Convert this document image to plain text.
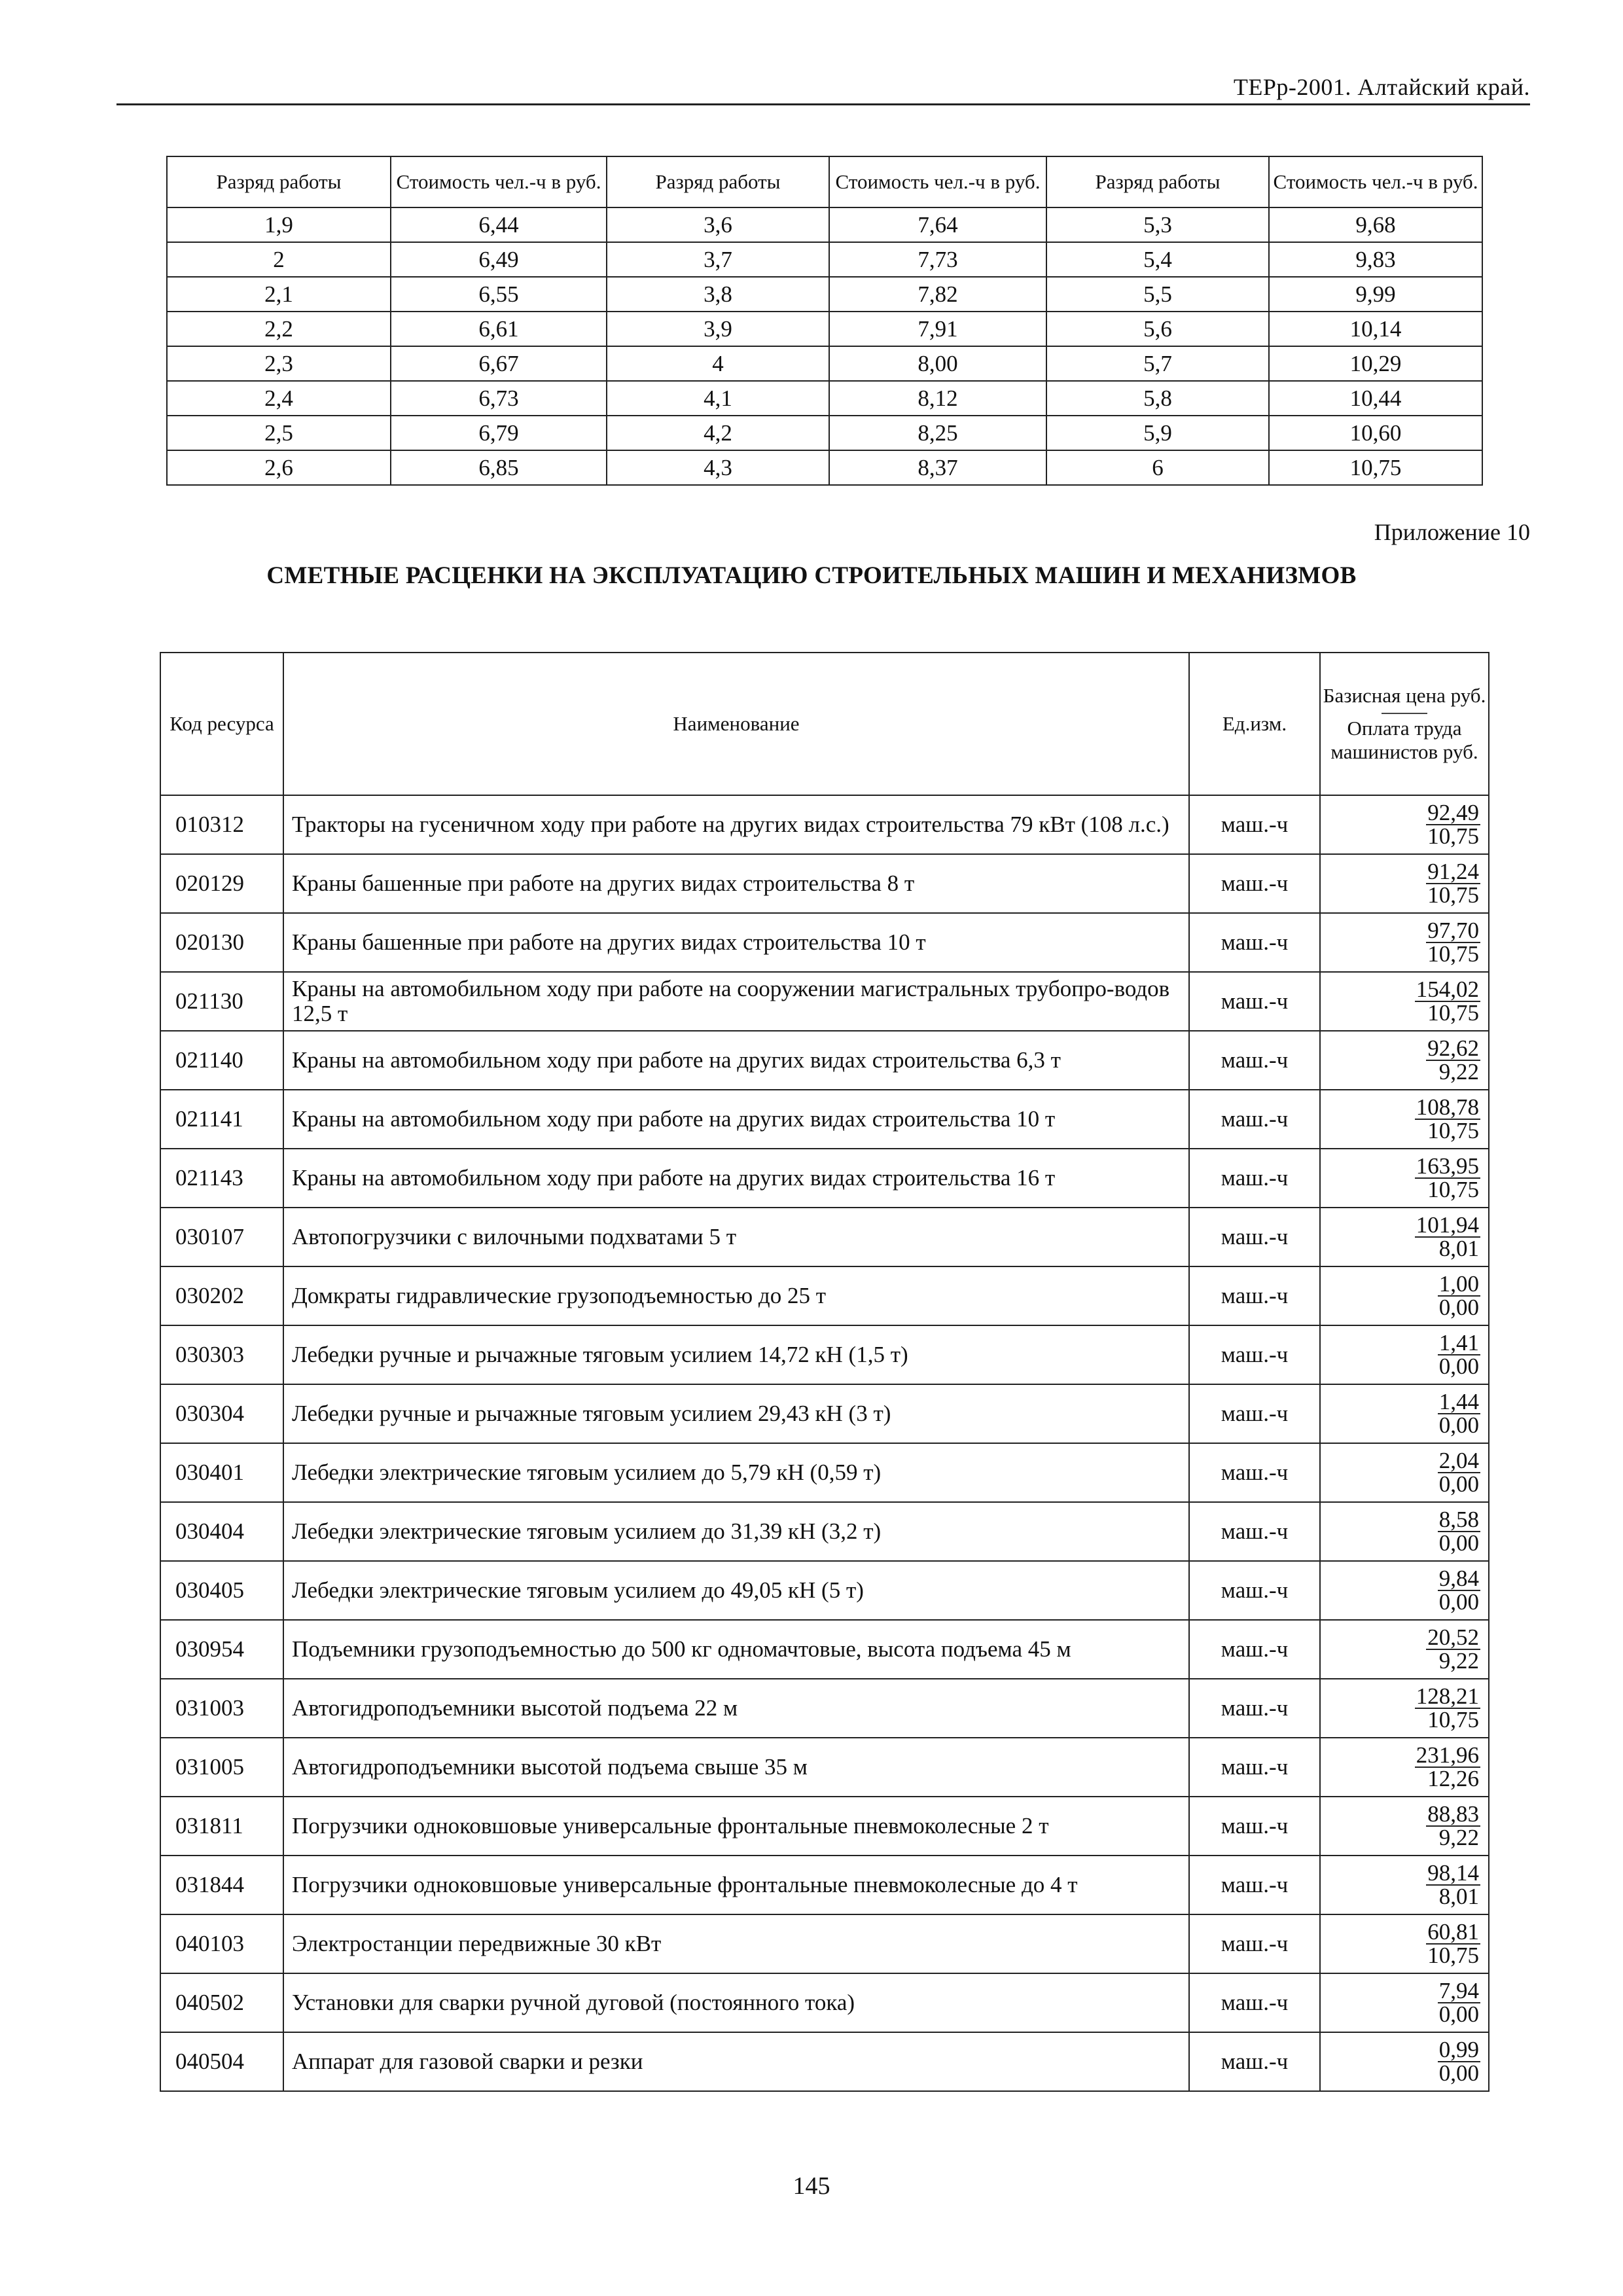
ТЕРр-2001. Алтайский край.
Разряд работы	Стоимость чел.-ч в руб.	Разряд работы	Стоимость чел.-ч в руб.	Разряд работы	Стоимость чел.-ч в руб.
1,9	6,44	3,6	7,64	5,3	9,68
2	6,49	3,7	7,73	5,4	9,83
2,1	6,55	3,8	7,82	5,5	9,99
2,2	6,61	3,9	7,91	5,6	10,14
2,3	6,67	4	8,00	5,7	10,29
2,4	6,73	4,1	8,12	5,8	10,44
2,5	6,79	4,2	8,25	5,9	10,60
2,6	6,85	4,3	8,37	6	10,75
Приложение 10
СМЕТНЫЕ РАСЦЕНКИ НА ЭКСПЛУАТАЦИЮ СТРОИТЕЛЬНЫХ МАШИН И МЕХАНИЗМОВ
Код ресурса	Наименование	Ед.изм.	Базисная цена руб.
Оплата труда машинистов руб.
010312	Тракторы на гусеничном ходу при работе на других видах строительства 79 кВт (108 л.с.)	маш.-ч	92,49
10,75
020129	Краны башенные при работе на других видах строительства 8 т	маш.-ч	91,24
10,75
020130	Краны башенные при работе на других видах строительства 10 т	маш.-ч	97,70
10,75
021130	Краны на автомобильном ходу при работе на сооружении магистральных трубопро-водов 12,5 т	маш.-ч	154,02
10,75
021140	Краны на автомобильном ходу при работе на других видах строительства 6,3 т	маш.-ч	92,62
9,22
021141	Краны на автомобильном ходу при работе на других видах строительства 10 т	маш.-ч	108,78
10,75
021143	Краны на автомобильном ходу при работе на других видах строительства 16 т	маш.-ч	163,95
10,75
030107	Автопогрузчики с вилочными подхватами 5 т	маш.-ч	101,94
8,01
030202	Домкраты гидравлические грузоподъемностью до 25 т	маш.-ч	1,00
0,00
030303	Лебедки ручные и рычажные тяговым усилием 14,72 кН (1,5 т)	маш.-ч	1,41
0,00
030304	Лебедки ручные и рычажные тяговым усилием 29,43 кН (3 т)	маш.-ч	1,44
0,00
030401	Лебедки электрические тяговым усилием до 5,79 кН (0,59 т)	маш.-ч	2,04
0,00
030404	Лебедки электрические тяговым усилием до 31,39 кН (3,2 т)	маш.-ч	8,58
0,00
030405	Лебедки электрические тяговым усилием до 49,05 кН (5 т)	маш.-ч	9,84
0,00
030954	Подъемники грузоподъемностью до 500 кг одномачтовые, высота подъема 45 м	маш.-ч	20,52
9,22
031003	Автогидроподъемники высотой подъема 22 м	маш.-ч	128,21
10,75
031005	Автогидроподъемники высотой подъема свыше 35 м	маш.-ч	231,96
12,26
031811	Погрузчики одноковшовые универсальные фронтальные пневмоколесные 2 т	маш.-ч	88,83
9,22
031844	Погрузчики одноковшовые универсальные фронтальные пневмоколесные до 4 т	маш.-ч	98,14
8,01
040103	Электростанции передвижные 30 кВт	маш.-ч	60,81
10,75
040502	Установки для сварки ручной дуговой (постоянного тока)	маш.-ч	7,94
0,00
040504	Аппарат для газовой сварки и резки	маш.-ч	0,99
0,00
145
